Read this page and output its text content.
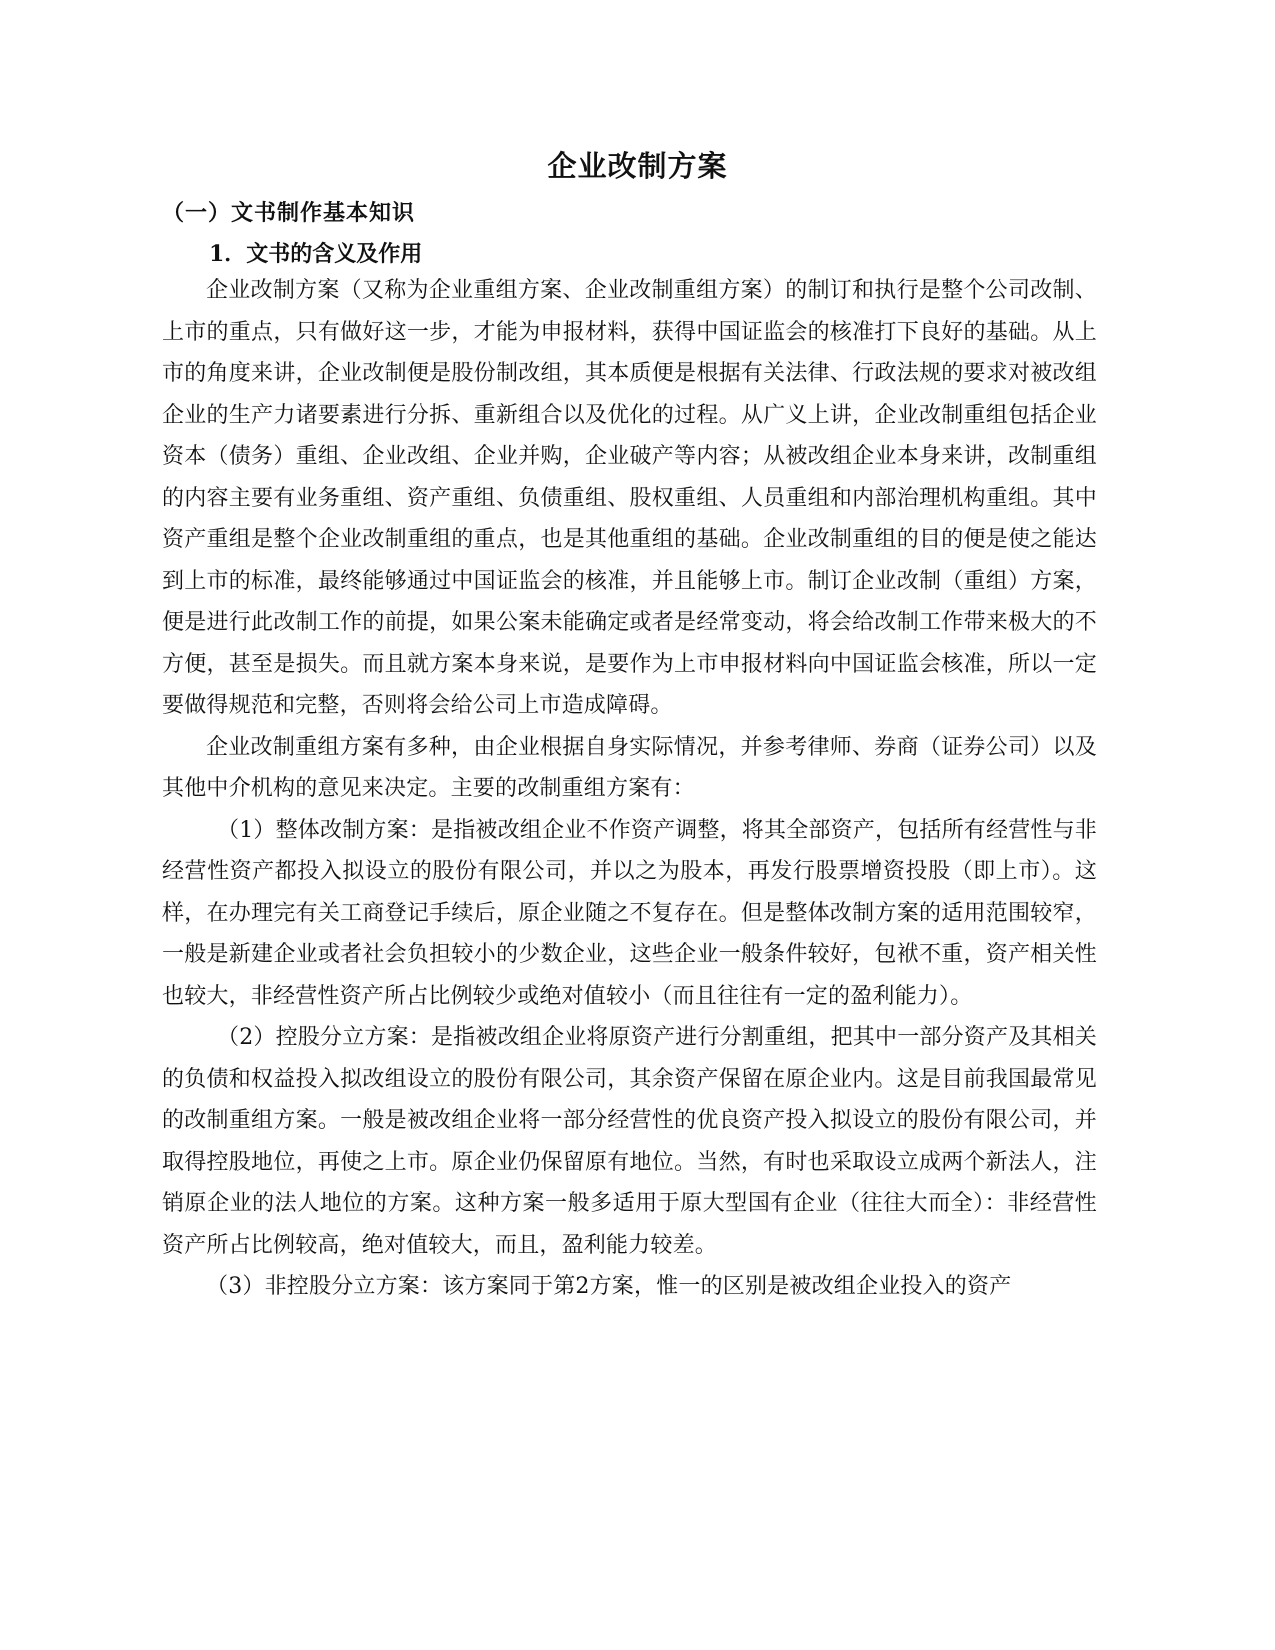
企业改制方案
（一）文书制作基本知识
1．文书的含义及作用

企业改制方案（又称为企业重组方案、企业改制重组方案）的制订和执行是整个公司改制、上市的重点，只有做好这一步，才能为申报材料，获得中国证监会的核准打下良好的基础。从上市的角度来讲，企业改制便是股份制改组，其本质便是根据有关法律、行政法规的要求对被改组企业的生产力诸要素进行分拆、重新组合以及优化的过程。从广义上讲，企业改制重组包括企业资本（债务）重组、企业改组、企业并购，企业破产等内容；从被改组企业本身来讲，改制重组的内容主要有业务重组、资产重组、负债重组、股权重组、人员重组和内部治理机构重组。其中资产重组是整个企业改制重组的重点，也是其他重组的基础。企业改制重组的目的便是使之能达到上市的标准，最终能够通过中国证监会的核准，并且能够上市。制订企业改制（重组）方案，便是进行此改制工作的前提，如果公案未能确定或者是经常变动，将会给改制工作带来极大的不方便，甚至是损失。而且就方案本身来说，是要作为上市申报材料向中国证监会核准，所以一定要做得规范和完整，否则将会给公司上市造成障碍。

企业改制重组方案有多种，由企业根据自身实际情况，并参考律师、券商（证券公司）以及其他中介机构的意见来决定。主要的改制重组方案有：

（1）整体改制方案：是指被改组企业不作资产调整，将其全部资产，包括所有经营性与非经营性资产都投入拟设立的股份有限公司，并以之为股本，再发行股票增资投股（即上市）。这样，在办理完有关工商登记手续后，原企业随之不复存在。但是整体改制方案的适用范围较窄，一般是新建企业或者社会负担较小的少数企业，这些企业一般条件较好，包袱不重，资产相关性也较大，非经营性资产所占比例较少或绝对值较小（而且往往有一定的盈利能力）。

（2）控股分立方案：是指被改组企业将原资产进行分割重组，把其中一部分资产及其相关的负债和权益投入拟改组设立的股份有限公司，其余资产保留在原企业内。这是目前我国最常见的改制重组方案。一般是被改组企业将一部分经营性的优良资产投入拟设立的股份有限公司，并取得控股地位，再使之上市。原企业仍保留原有地位。当然，有时也采取设立成两个新法人，注销原企业的法人地位的方案。这种方案一般多适用于原大型国有企业（往往大而全）：非经营性资产所占比例较高，绝对值较大，而且，盈利能力较差。

（3）非控股分立方案：该方案同于第2方案，惟一的区别是被改组企业投入的资产
